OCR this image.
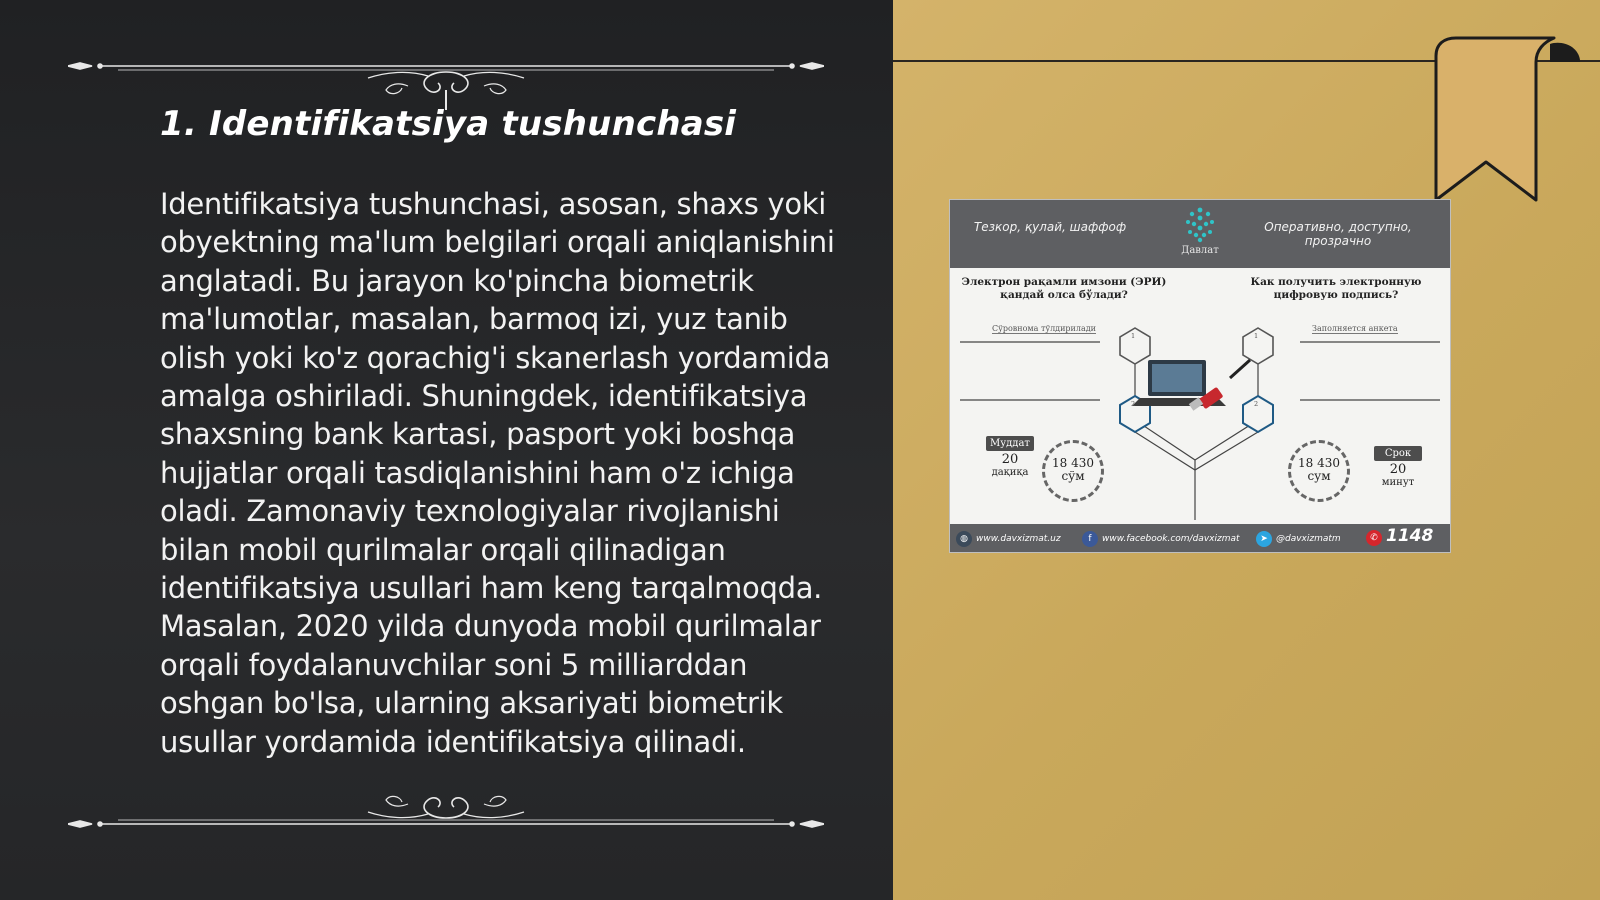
1. Identifikatsiya tushunchasi
Identifikatsiya tushunchasi, asosan, shaxs yoki obyektning ma'lum belgilari orqali aniqlanishini anglatadi. Bu jarayon ko'pincha biometrik ma'lumotlar, masalan, barmoq izi, yuz tanib olish yoki ko'z qorachig'i skanerlash yordamida amalga oshiriladi. Shuningdek, identifikatsiya shaxsning bank kartasi, pasport yoki boshqa hujjatlar orqali tasdiqlanishini ham o'z ichiga oladi. Zamonaviy texnologiyalar rivojlanishi bilan mobil qurilmalar orqali qilinadigan identifikatsiya usullari ham keng tarqalmoqda. Masalan, 2020 yilda dunyoda mobil qurilmalar orqali foydalanuvchilar soni 5 milliarddan oshgan bo'lsa, ularning aksariyati biometrik usullar yordamida identifikatsiya qilinadi.
Тезкор, қулай, шаффоф
Давлат
Оперативно, доступно, прозрачно
Электрон рақамли имзони (ЭРИ) қандай олса бўлади?
Как получить электронную цифровую подпись?
Сўровнома тўлдирилади	Заполняется анкета
1	1
2	2
Муддат
20
дақиқа
18 430
сўм
18 430
сум
Срок
20
минут
◍ www.davxizmat.uz	f	www.facebook.com/davxizmat	➤ @davxizmatm	✆ 1148
